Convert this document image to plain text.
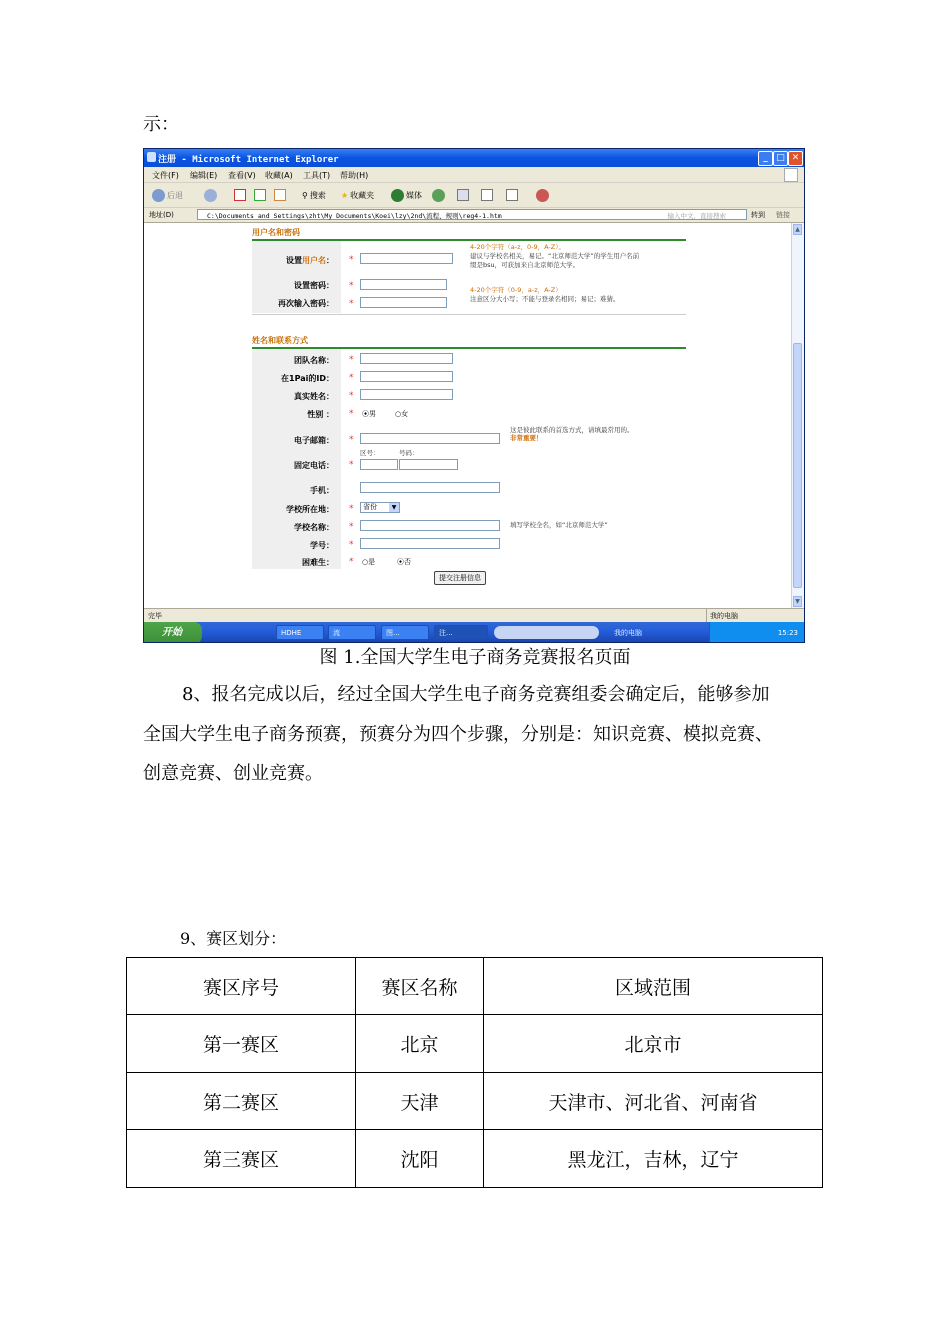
示：
注册 - Microsoft Internet Explorer	_ □ ✕
文件(F) 编辑(E) 查看(V) 收藏(A) 工具(T) 帮助(H)
后退	⚲ 搜索 ★ 收藏夹	媒体
地址(D)	C:\Documents and Settings\zht\My Documents\Koei\lzy\2nd\流程、规则\reg4-1.htm	输入中文，直接搜索	转到 链接
用户名和密码
设置用户名： *
4-20个字符（a-z，0-9，A-Z）。
建议与学校名相关，易记。“北京师范大学”的学生用户名前
缀是bsu，可获加来自北京师范大学。
设置密码： *
再次输入密码： *
4-20个字符（0-9，a-z，A-Z）
注意区分大小写；不能与登录名相同；易记；难猜。
姓名和联系方式
团队名称： *
在1Pai的ID： *
真实姓名： *
性别 ： * ⦿男	○女
电子邮箱： *
这是彼此联系的首选方式，请填最常用的。
非常重要！
固定电话： *
区号：	号码：
手机：
学校所在地： *	省份	▼
学校名称： *	填写学校全名，如“北京师范大学”
学号： *
困难生： * ○是	⦿否
提交注册信息
▲
▼
完毕	我的电脑
开始	HDHE	流	图...	注...	我的电脑	15:23
图 1.全国大学生电子商务竞赛报名页面
8、报名完成以后，经过全国大学生电子商务竞赛组委会确定后，能够参加
全国大学生电子商务预赛，预赛分为四个步骤，分别是：知识竞赛、模拟竞赛、
创意竞赛、创业竞赛。
9、赛区划分：
赛区序号	赛区名称	区域范围
第一赛区	北京	北京市
第二赛区	天津	天津市、河北省、河南省
第三赛区	沈阳	黑龙江，吉林，辽宁
